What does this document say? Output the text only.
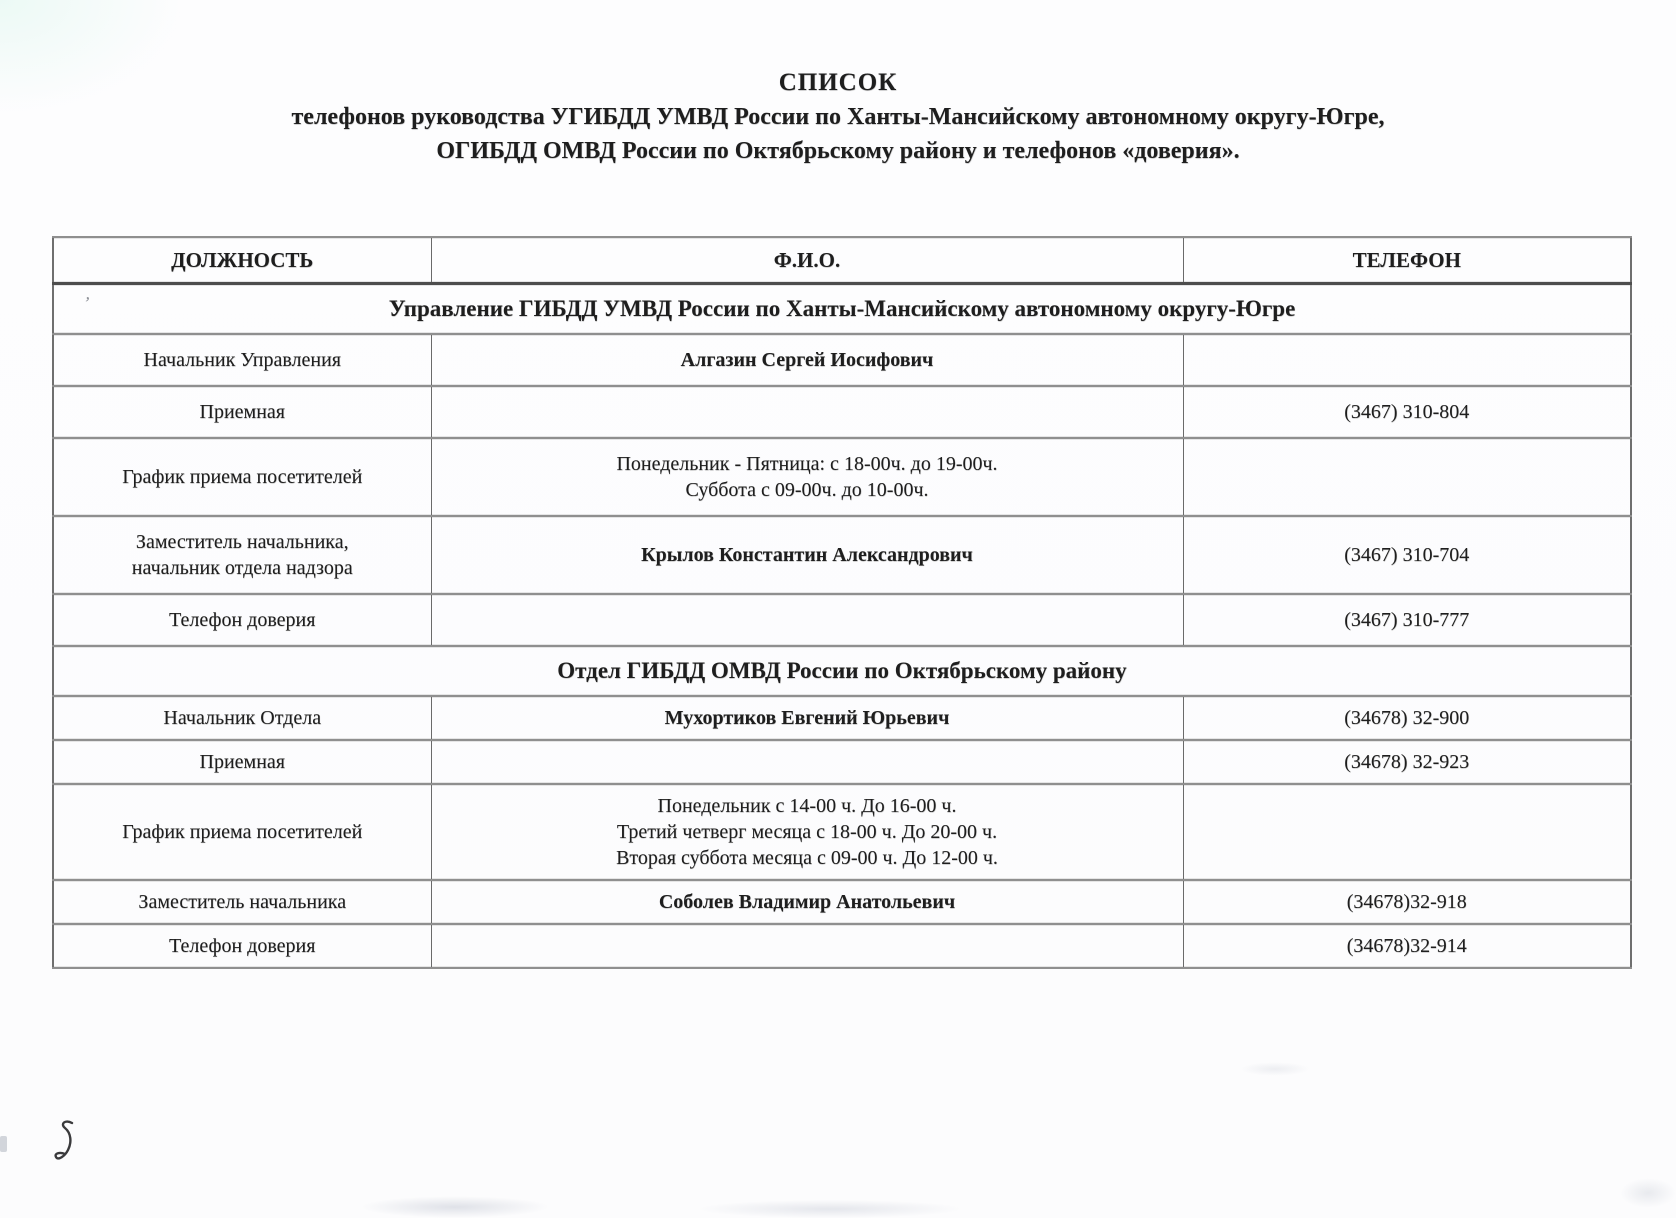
СПИСОК
телефонов руководства УГИБДД УМВД России по Ханты-Мансийскому автономному округу-Югре,
ОГИБДД ОМВД России по Октябрьскому району и телефонов «доверия».
ДОЛЖНОСТЬ	Ф.И.О.	ТЕЛЕФОН
Управление ГИБДД УМВД России по Ханты-Мансийскому автономному округу-Югре		

Начальник Управления	Алгазин Сергей Иосифович	

Приемная		(3467) 310-804

График приема посетителей	Понедельник - Пятница: с 18-00ч. до 19-00ч.
Суббота с 09-00ч. до 10-00ч.	

Заместитель начальника,
начальник отдела надзора	Крылов Константин Александрович	(3467) 310-704

Телефон доверия		(3467) 310-777

Отдел ГИБДД ОМВД России по Октябрьскому району		

Начальник Отдела	Мухортиков Евгений Юрьевич	(34678) 32-900

Приемная		(34678) 32-923

График приема посетителей	Понедельник с 14-00 ч. До 16-00 ч.
Третий четверг месяца с 18-00 ч. До 20-00 ч.
Вторая суббота месяца с 09-00 ч. До 12-00 ч.	

Заместитель начальника	Соболев Владимир Анатольевич	(34678)32-918

Телефон доверия		(34678)32-914
ʼ
